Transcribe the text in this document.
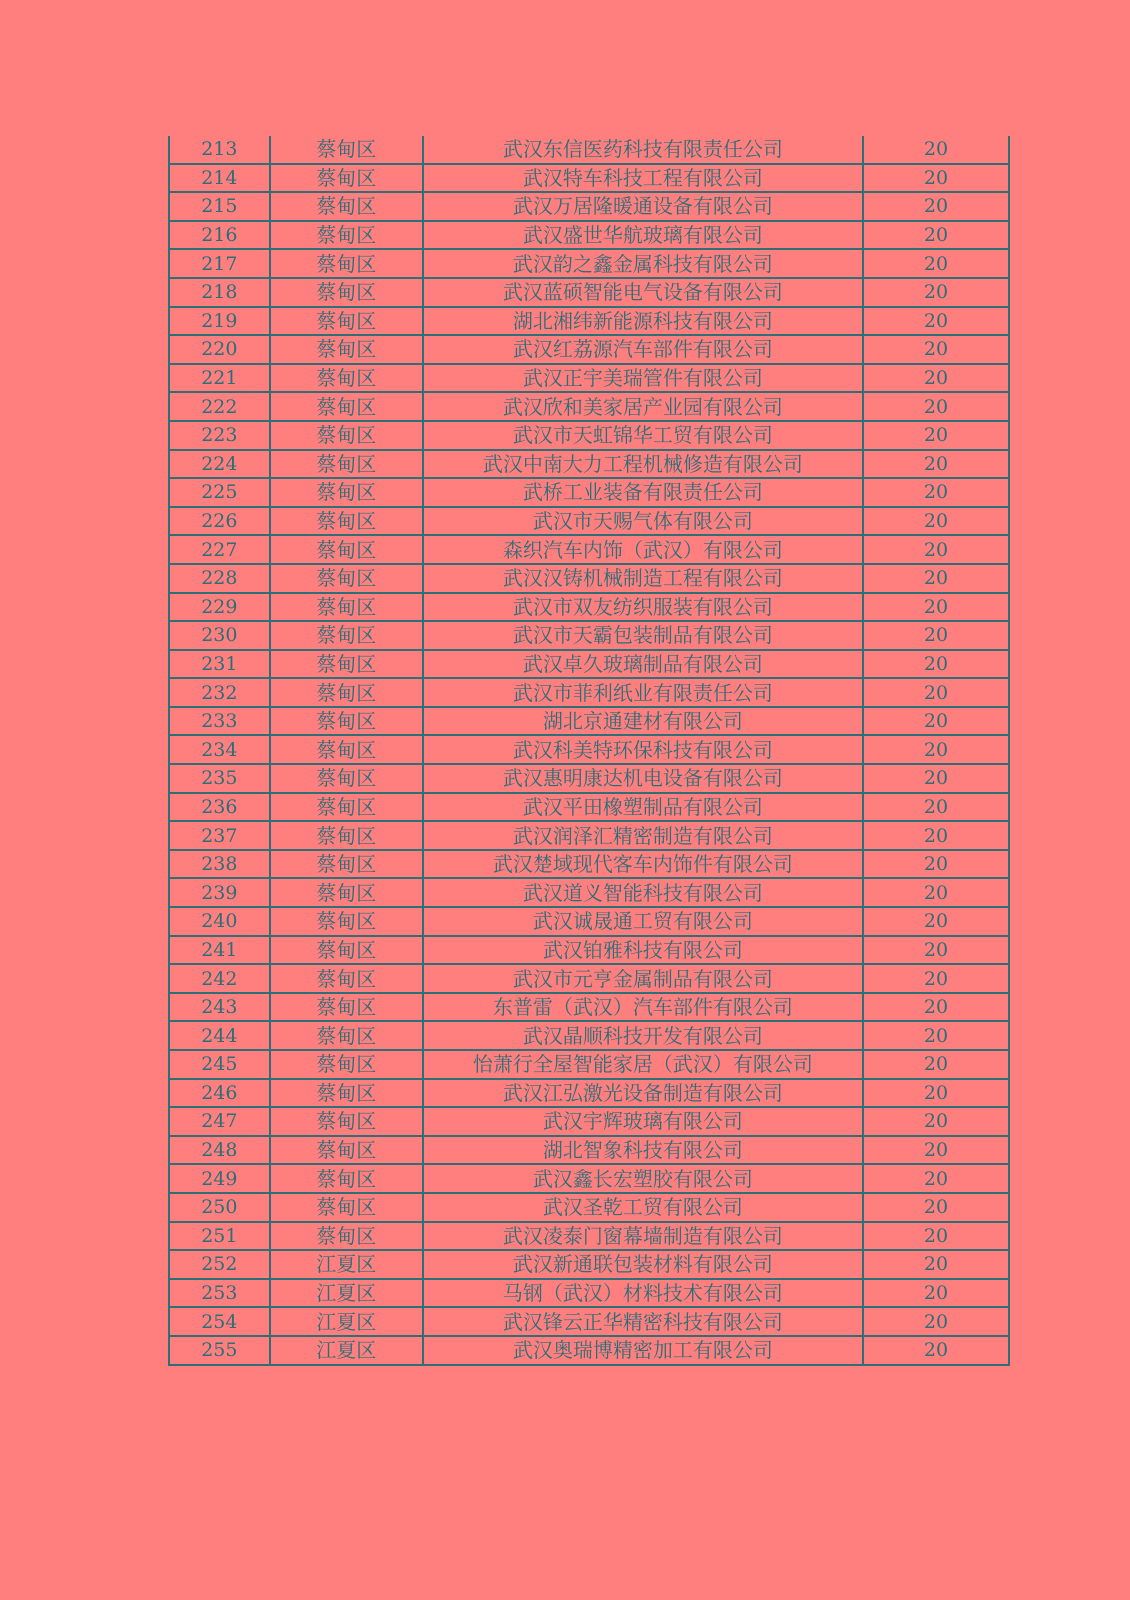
213	蔡甸区	武汉东信医药科技有限责任公司	20
214	蔡甸区	武汉特车科技工程有限公司	20
215	蔡甸区	武汉万居隆暖通设备有限公司	20
216	蔡甸区	武汉盛世华航玻璃有限公司	20
217	蔡甸区	武汉韵之鑫金属科技有限公司	20
218	蔡甸区	武汉蓝硕智能电气设备有限公司	20
219	蔡甸区	湖北湘纬新能源科技有限公司	20
220	蔡甸区	武汉红荔源汽车部件有限公司	20
221	蔡甸区	武汉正宇美瑞管件有限公司	20
222	蔡甸区	武汉欣和美家居产业园有限公司	20
223	蔡甸区	武汉市天虹锦华工贸有限公司	20
224	蔡甸区	武汉中南大力工程机械修造有限公司	20
225	蔡甸区	武桥工业装备有限责任公司	20
226	蔡甸区	武汉市天赐气体有限公司	20
227	蔡甸区	森织汽车内饰（武汉）有限公司	20
228	蔡甸区	武汉汉铸机械制造工程有限公司	20
229	蔡甸区	武汉市双友纺织服装有限公司	20
230	蔡甸区	武汉市天霸包装制品有限公司	20
231	蔡甸区	武汉卓久玻璃制品有限公司	20
232	蔡甸区	武汉市菲利纸业有限责任公司	20
233	蔡甸区	湖北京通建材有限公司	20
234	蔡甸区	武汉科美特环保科技有限公司	20
235	蔡甸区	武汉惠明康达机电设备有限公司	20
236	蔡甸区	武汉平田橡塑制品有限公司	20
237	蔡甸区	武汉润泽汇精密制造有限公司	20
238	蔡甸区	武汉楚域现代客车内饰件有限公司	20
239	蔡甸区	武汉道义智能科技有限公司	20
240	蔡甸区	武汉诚晟通工贸有限公司	20
241	蔡甸区	武汉铂雅科技有限公司	20
242	蔡甸区	武汉市元亨金属制品有限公司	20
243	蔡甸区	东普雷（武汉）汽车部件有限公司	20
244	蔡甸区	武汉晶顺科技开发有限公司	20
245	蔡甸区	怡萧行全屋智能家居（武汉）有限公司	20
246	蔡甸区	武汉江弘激光设备制造有限公司	20
247	蔡甸区	武汉宇辉玻璃有限公司	20
248	蔡甸区	湖北智象科技有限公司	20
249	蔡甸区	武汉鑫长宏塑胶有限公司	20
250	蔡甸区	武汉圣乾工贸有限公司	20
251	蔡甸区	武汉凌泰门窗幕墙制造有限公司	20
252	江夏区	武汉新通联包装材料有限公司	20
253	江夏区	马钢（武汉）材料技术有限公司	20
254	江夏区	武汉锋云正华精密科技有限公司	20
255	江夏区	武汉奥瑞博精密加工有限公司	20
